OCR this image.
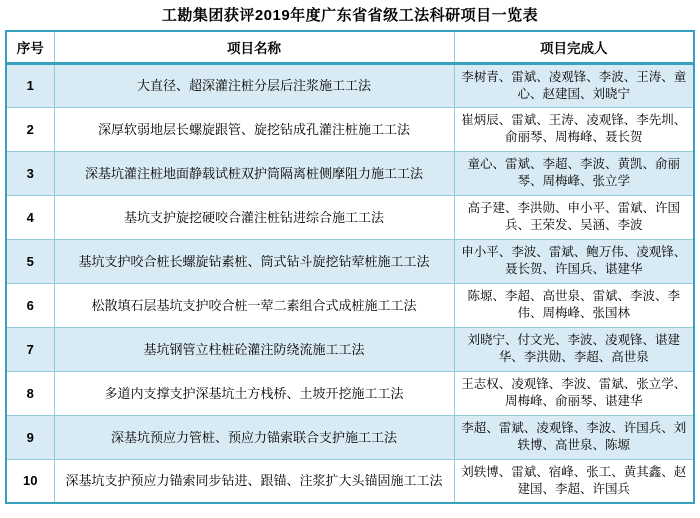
工勘集团获评2019年度广东省省级工法科研项目一览表
序号	项目名称	项目完成人
1	大直径、超深灌注桩分层后注浆施工工法	李树青、雷斌、凌观锋、李波、王涛、童心、赵建国、刘晓宁
2	深厚软弱地层长螺旋跟管、旋挖钻成孔灌注桩施工工法	崔炳辰、雷斌、王涛、凌观锋、李先圳、俞丽琴、周梅峰、聂长贺
3	深基坑灌注桩地面静载试桩双护筒隔离桩侧摩阻力施工工法	童心、雷斌、李超、李波、黄凯、俞丽琴、周梅峰、张立学
4	基坑支护旋挖硬咬合灌注桩钻进综合施工工法	高子建、李洪勋、申小平、雷斌、许国兵、王荣发、吴涵、李波
5	基坑支护咬合桩长螺旋钻素桩、筒式钻斗旋挖钻荤桩施工工法	申小平、李波、雷斌、鲍万伟、凌观锋、聂长贺、许国兵、谌建华
6	松散填石层基坑支护咬合桩一荤二素组合式成桩施工工法	陈塬、李超、高世泉、雷斌、李波、李伟、周梅峰、张国林
7	基坑钢管立柱桩砼灌注防绕流施工工法	刘晓宁、付文光、李波、凌观锋、谌建华、李洪勋、李超、高世泉
8	多道内支撑支护深基坑土方栈桥、土坡开挖施工工法	王志权、凌观锋、李波、雷斌、张立学、周梅峰、俞丽琴、谌建华
9	深基坑预应力管桩、预应力锚索联合支护施工工法	李超、雷斌、凌观锋、李波、许国兵、刘轶博、高世泉、陈塬
10	深基坑支护预应力锚索同步钻进、跟锚、注浆扩大头锚固施工工法	刘轶博、雷斌、宿峰、张工、黄其鑫、赵建国、李超、许国兵
